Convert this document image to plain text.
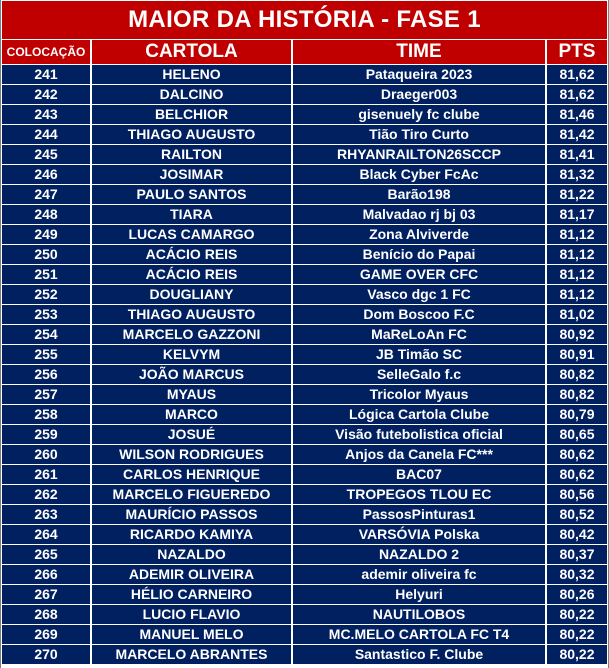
MAIOR DA HISTÓRIA - FASE 1
COLOCAÇÃO	CARTOLA	TIME	PTS
241	HELENO	Pataqueira 2023	81,62
242	DALCINO	Draeger003	81,62
243	BELCHIOR	gisenuely fc clube	81,46
244	THIAGO AUGUSTO	Tião Tiro Curto	81,42
245	RAILTON	RHYANRAILTON26SCCP	81,41
246	JOSIMAR	Black Cyber FcAc	81,32
247	PAULO SANTOS	Barão198	81,22
248	TIARA	Malvadao rj bj 03	81,17
249	LUCAS CAMARGO	Zona Alviverde	81,12
250	ACÁCIO REIS	Benício do Papai	81,12
251	ACÁCIO REIS	GAME OVER CFC	81,12
252	DOUGLIANY	Vasco dgc 1 FC	81,12
253	THIAGO AUGUSTO	Dom Boscoo F.C	81,02
254	MARCELO GAZZONI	MaReLoAn FC	80,92
255	KELVYM	JB Timão SC	80,91
256	JOÃO MARCUS	SelleGalo f.c	80,82
257	MYAUS	Tricolor Myaus	80,82
258	MARCO	Lógica Cartola Clube	80,79
259	JOSUÉ	Visão futebolistica oficial	80,65
260	WILSON RODRIGUES	Anjos da Canela FC***	80,62
261	CARLOS HENRIQUE	BAC07	80,62
262	MARCELO FIGUEREDO	TROPEGOS TLOU EC	80,56
263	MAURÍCIO PASSOS	PassosPinturas1	80,52
264	RICARDO KAMIYA	VARSÓVIA Polska	80,42
265	NAZALDO	NAZALDO 2	80,37
266	ADEMIR OLIVEIRA	ademir oliveira fc	80,32
267	HÉLIO CARNEIRO	Helyuri	80,26
268	LUCIO FLAVIO	NAUTILOBOS	80,22
269	MANUEL MELO	MC.MELO CARTOLA FC T4	80,22
270	MARCELO ABRANTES	Santastico F. Clube	80,22
